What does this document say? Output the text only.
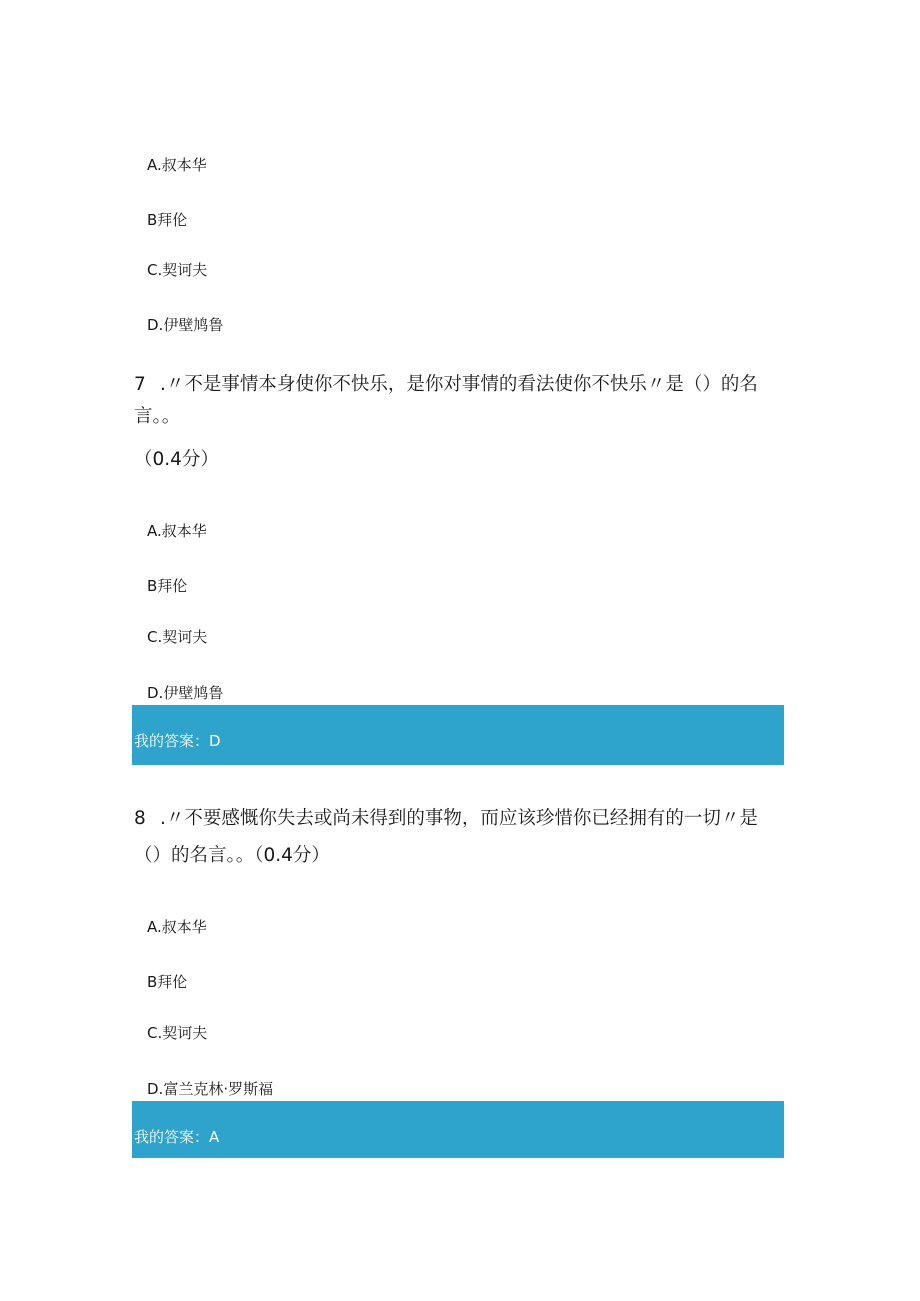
A.叔本华
B拜伦
C.契诃夫
D.伊壁鸠鲁
7 .〃不是事情本身使你不快乐，是你对事情的看法使你不快乐〃是（）的名
言。。
（0.4分）
A.叔本华
B拜伦
C.契诃夫
D.伊壁鸠鲁
我的答案：D
8 .〃不要感慨你失去或尚未得到的事物，而应该珍惜你已经拥有的一切〃是
（）的名言。。（0.4分）
A.叔本华
B拜伦
C.契诃夫
D.富兰克林·罗斯福
我的答案：A
